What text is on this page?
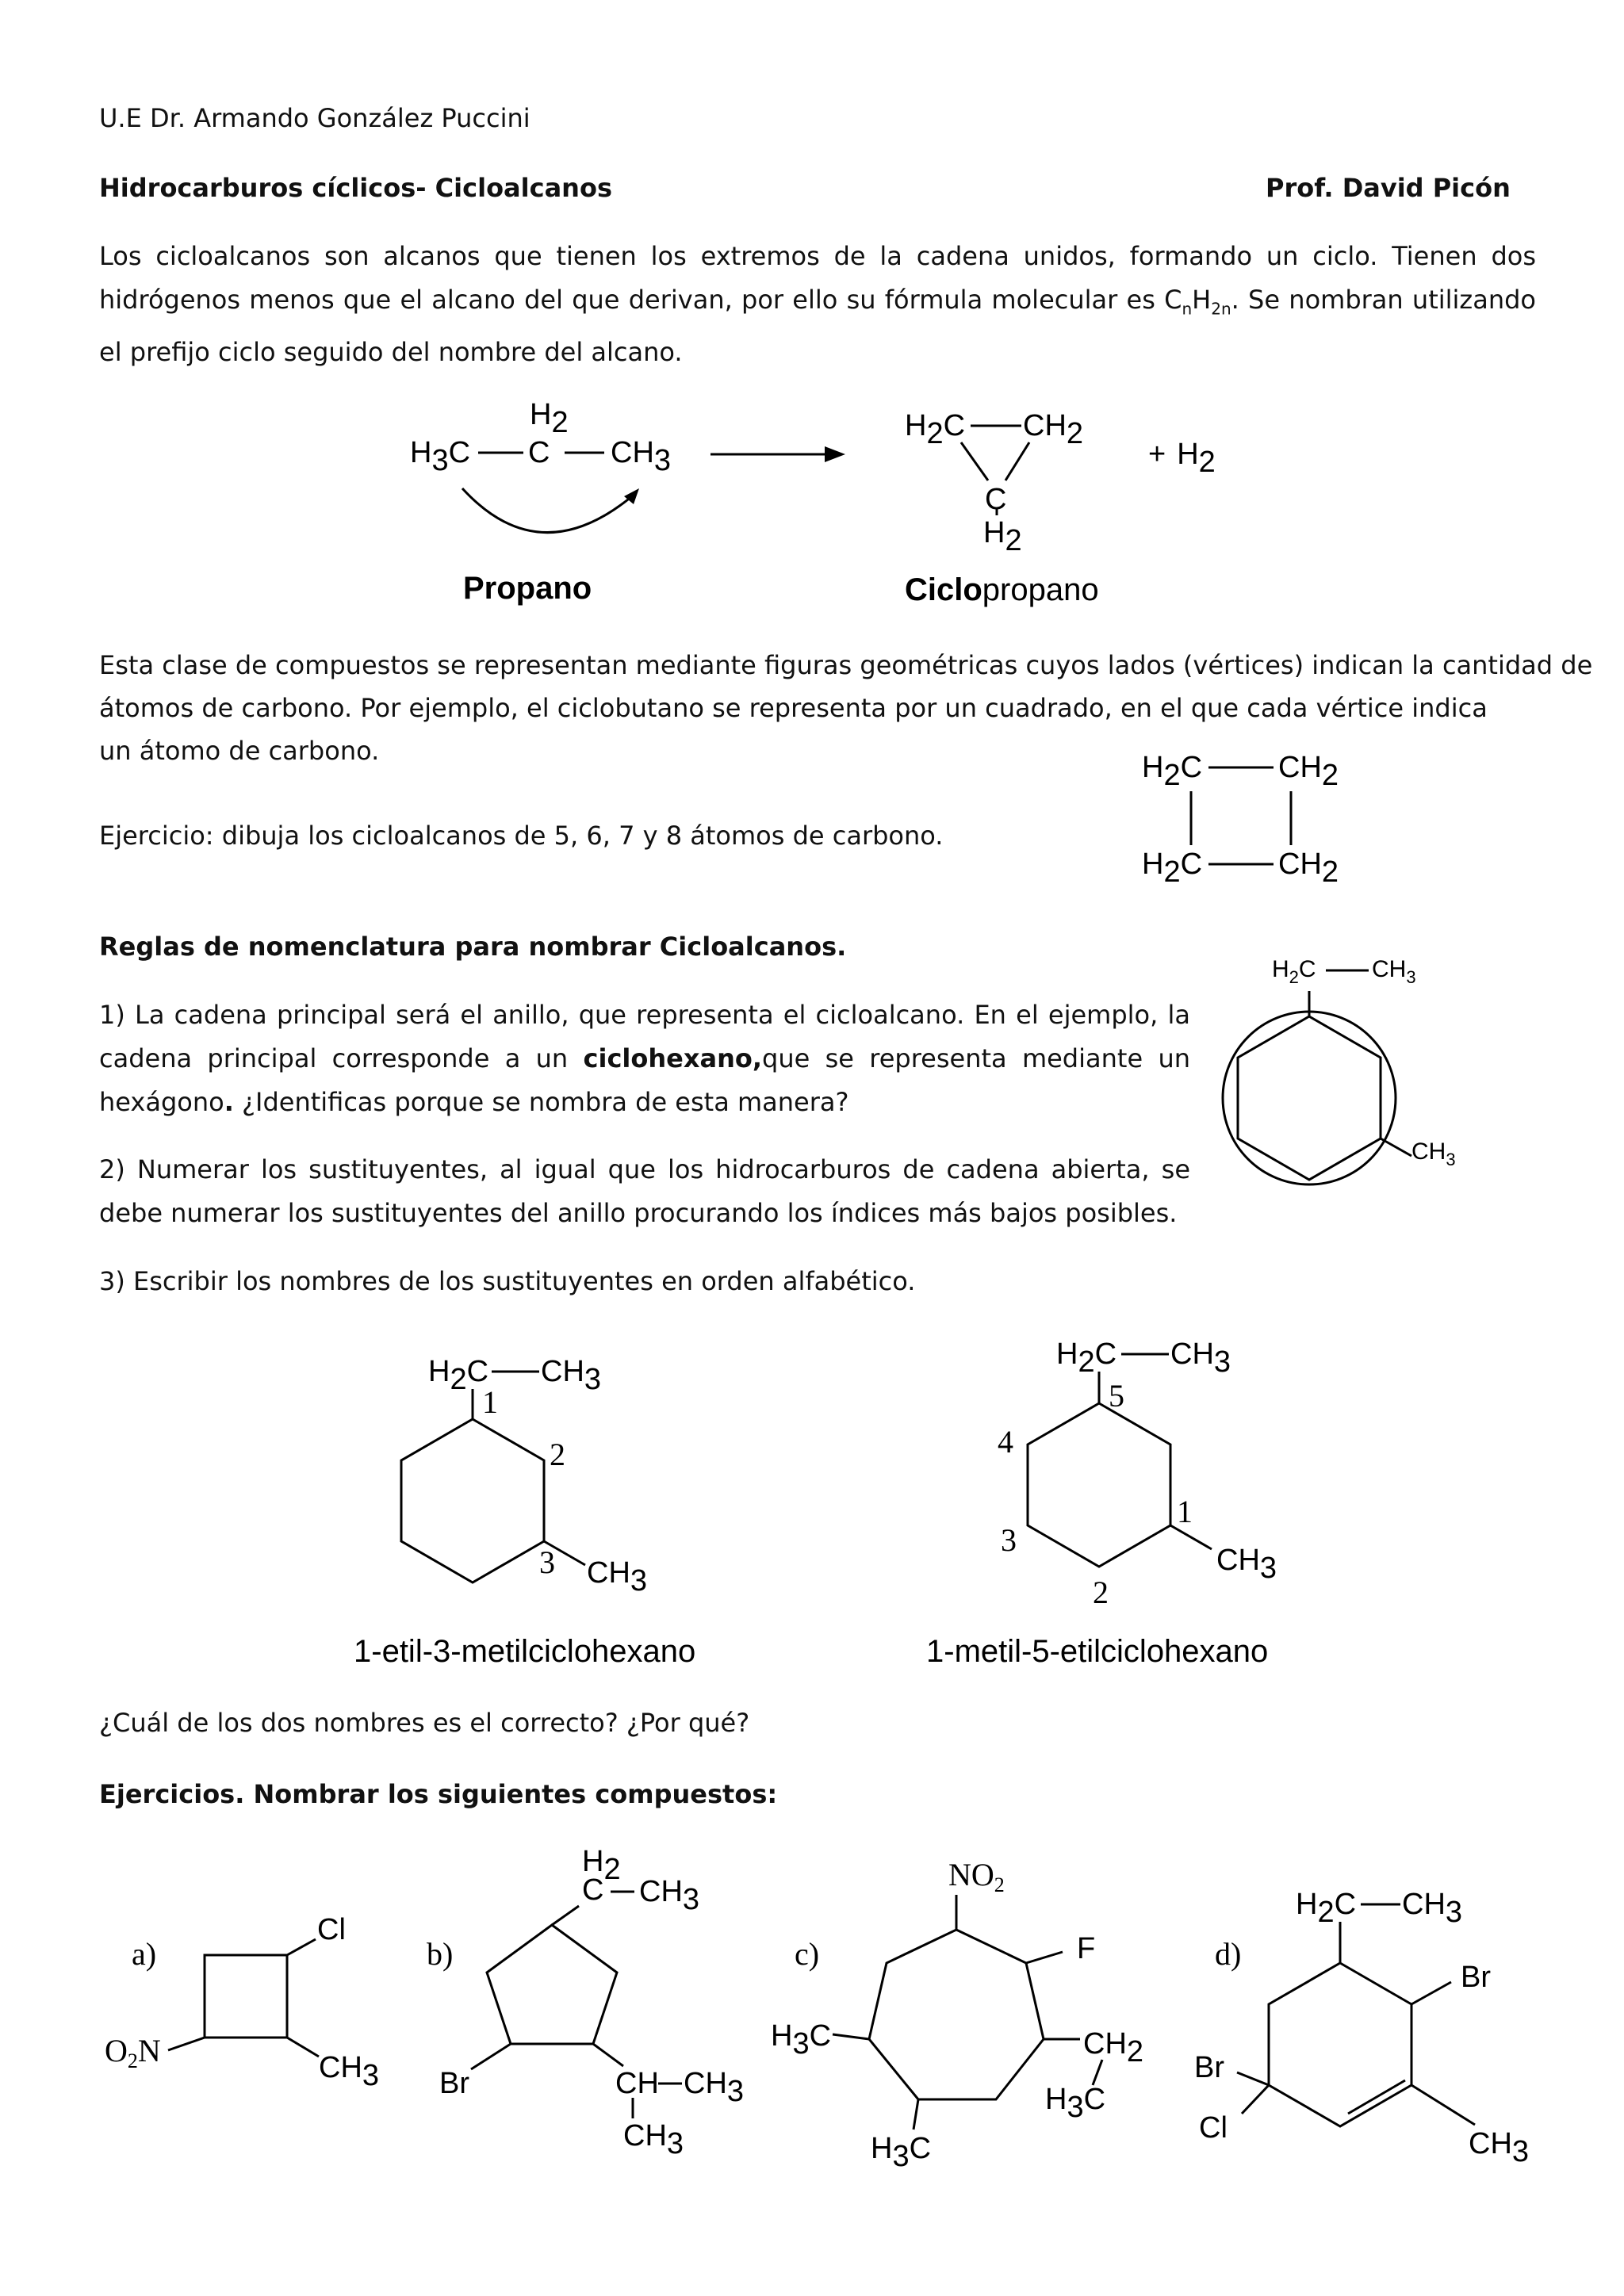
U.E Dr. Armando González Puccini
Hidrocarburos cíclicos- Cicloalcanos	Prof. David Picón
Los cicloalcanos son alcanos que tienen los extremos de la cadena unidos, formando un ciclo. Tienen dos hidrógenos menos que el alcano del que derivan, por ello su fórmula molecular es $C_nH_{2n}$. Se nombran utilizando el prefijo ciclo seguido del nombre del alcano.
Esta clase de compuestos se representan mediante figuras geométricas cuyos lados (vértices) indican la cantidad de
átomos de carbono. Por ejemplo, el ciclobutano se representa por un cuadrado, en el que cada vértice indica
un átomo de carbono.
Ejercicio: dibuja los cicloalcanos de 5, 6, 7 y 8 átomos de carbono.
Reglas de nomenclatura para nombrar Cicloalcanos.
1) La cadena principal será el anillo, que representa el cicloalcano. En el ejemplo, la cadena principal corresponde a un ciclohexano,que se representa mediante un hexágono. ¿Identificas porque se nombra de esta manera?
2) Numerar los sustituyentes, al igual que los hidrocarburos de cadena abierta, se debe numerar los sustituyentes del anillo procurando los índices más bajos posibles.
3) Escribir los nombres de los sustituyentes en orden alfabético.
¿Cuál de los dos nombres es el correcto? ¿Por qué?
Ejercicios. Nombrar los siguientes compuestos:
H3C
H2
C CH3
H2C CH2
C
H2
+ H2
Propano	Ciclopropano
H2C	CH2
H2C	CH2
$H_2C$ $CH_3$
$CH_3$
H2C CH3
CH3
1
2
3
1-etil-3-metilciclohexano
H2C CH3
CH3
5
4
3
2
1
1-metil-5-etilciclohexano
a)
Cl
$O_2N$	CH3
b)
H2
C CH3
Br	CH CH3
CH3
c)
$NO_2$
F
H3C	CH2
H3C
H3C
d)
H2C CH3
Br
CH3
Br
Cl
